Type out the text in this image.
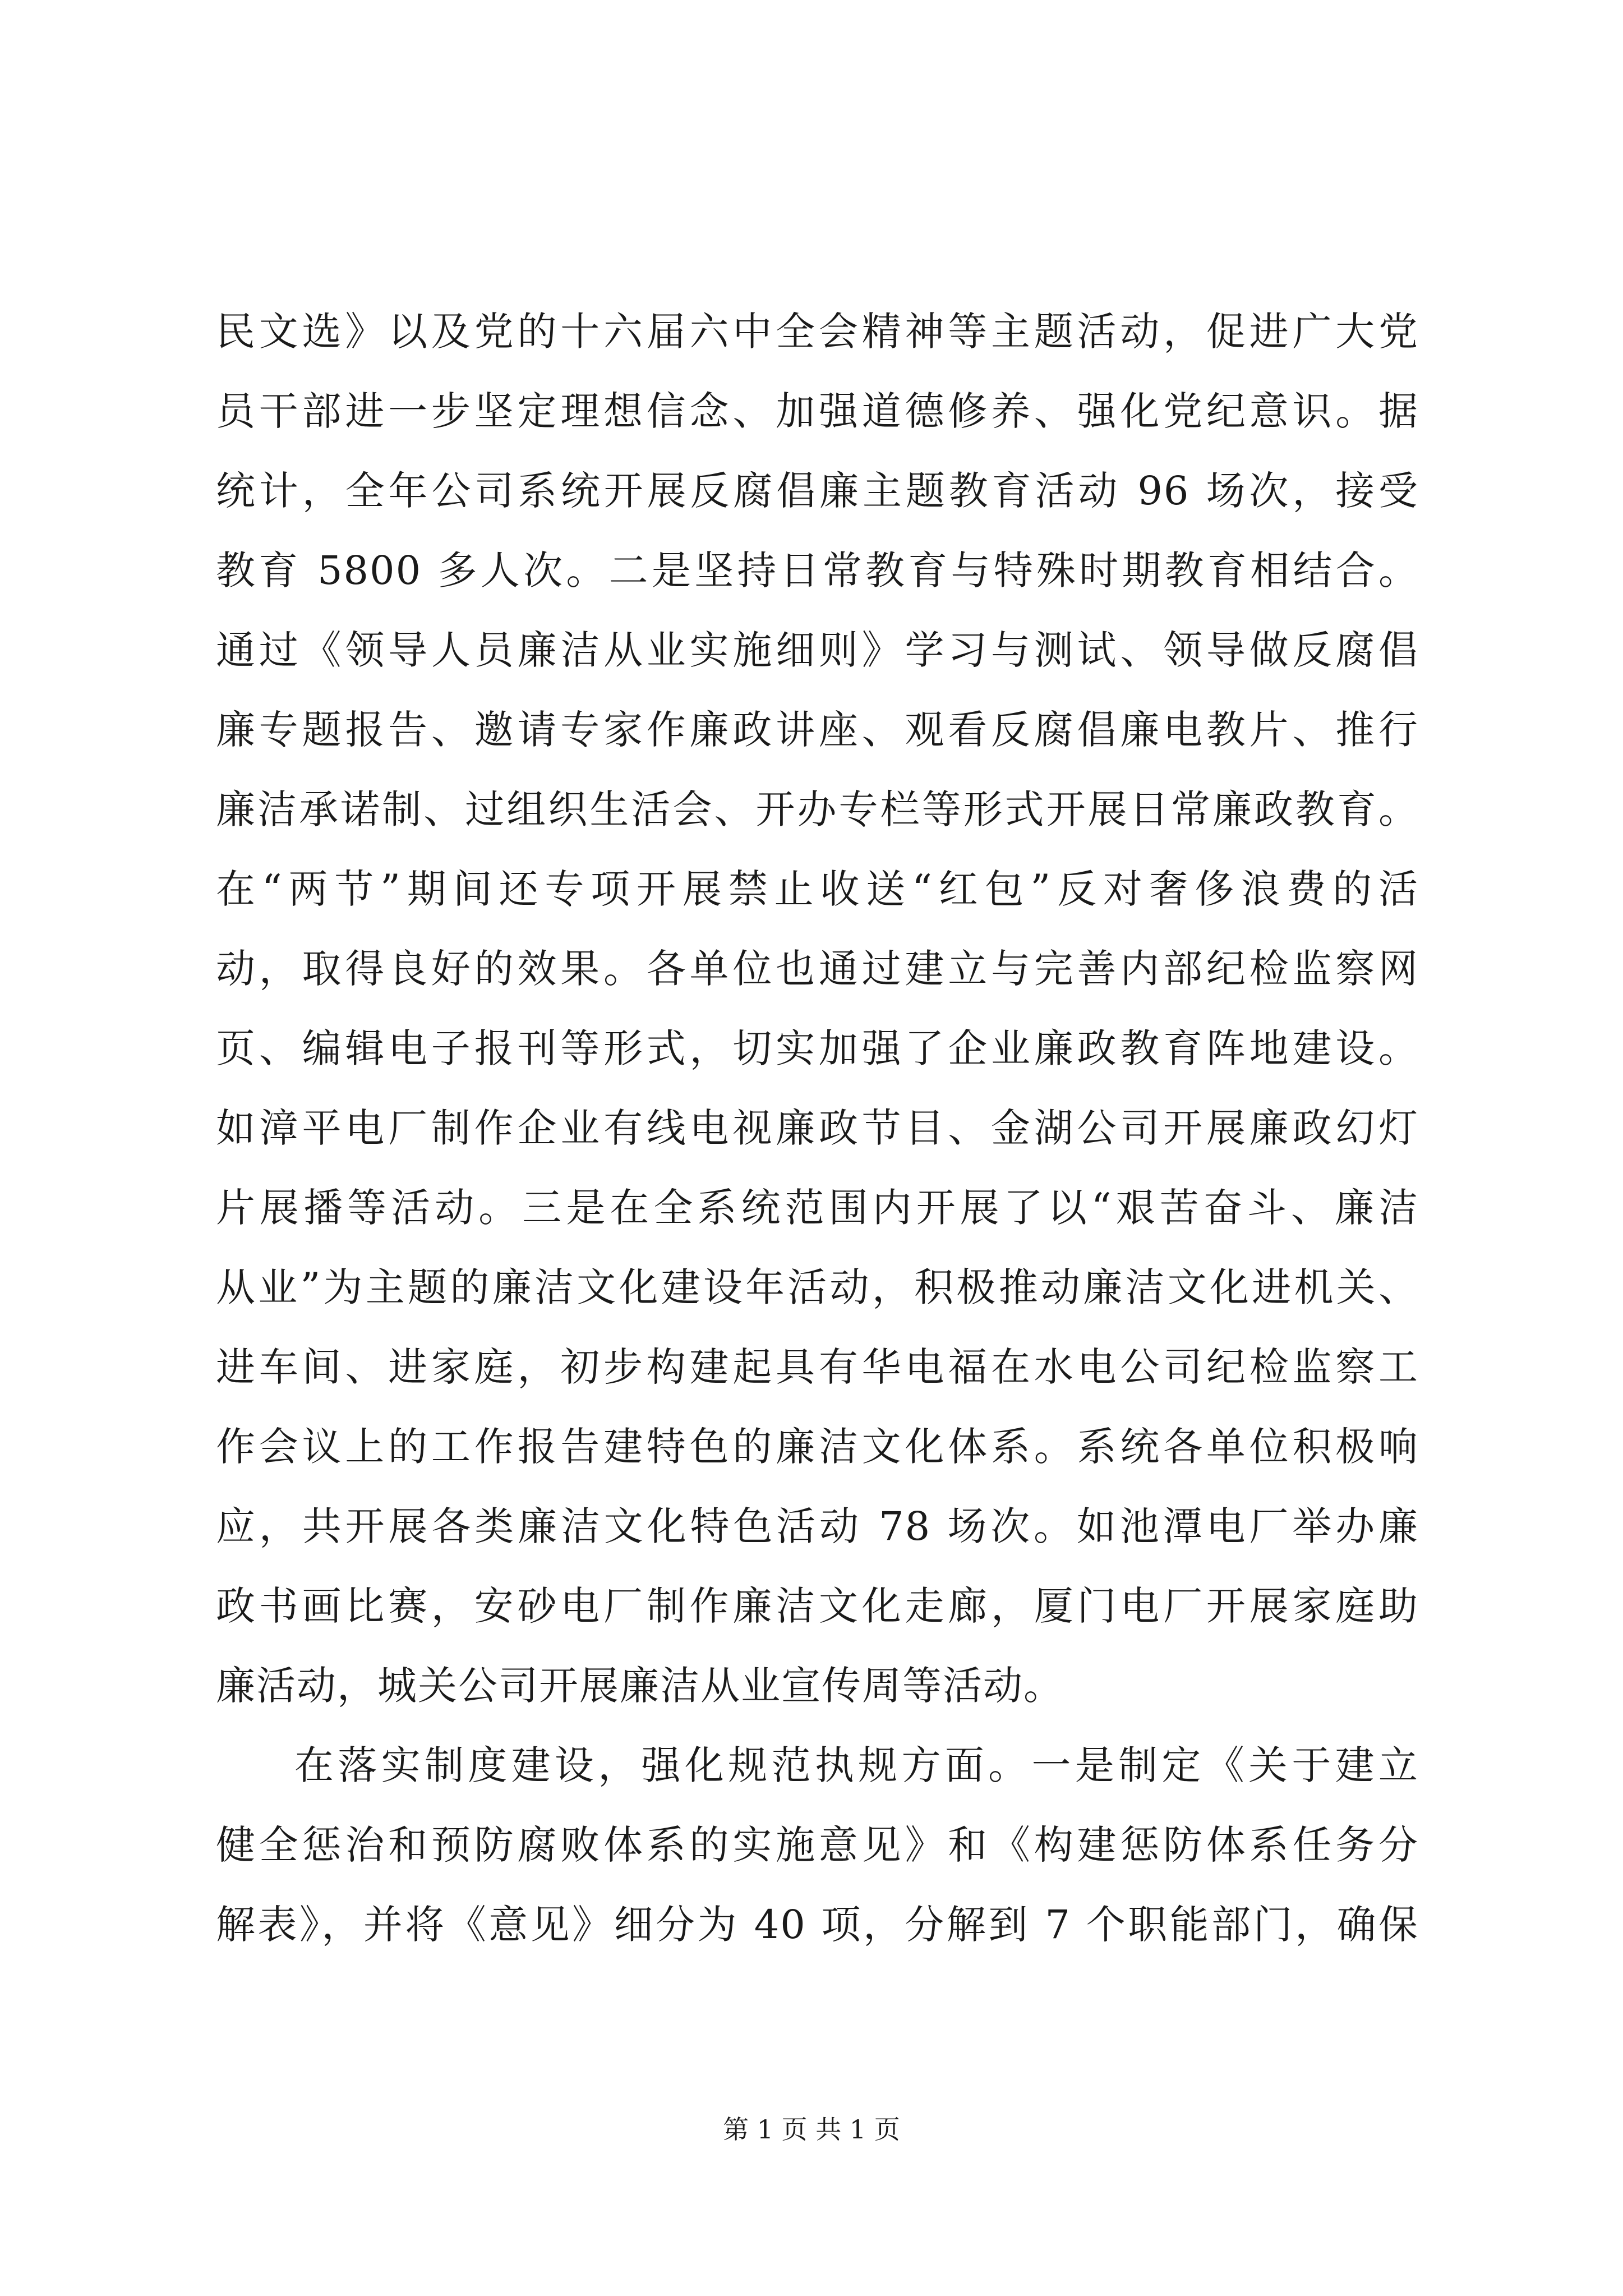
民文选》以及党的十六届六中全会精神等主题活动，促进广大党
员干部进一步坚定理想信念、加强道德修养、强化党纪意识。据
统计，全年公司系统开展反腐倡廉主题教育活动 96 场次，接受
教育 5800 多人次。二是坚持日常教育与特殊时期教育相结合。
通过《领导人员廉洁从业实施细则》学习与测试、领导做反腐倡
廉专题报告、邀请专家作廉政讲座、观看反腐倡廉电教片、推行
廉洁承诺制、过组织生活会、开办专栏等形式开展日常廉政教育。
在“两节”期间还专项开展禁止收送“红包”反对奢侈浪费的活
动，取得良好的效果。各单位也通过建立与完善内部纪检监察网
页、编辑电子报刊等形式，切实加强了企业廉政教育阵地建设。
如漳平电厂制作企业有线电视廉政节目、金湖公司开展廉政幻灯
片展播等活动。三是在全系统范围内开展了以“艰苦奋斗、廉洁
从业”为主题的廉洁文化建设年活动，积极推动廉洁文化进机关、
进车间、进家庭，初步构建起具有华电福在水电公司纪检监察工
作会议上的工作报告建特色的廉洁文化体系。系统各单位积极响
应，共开展各类廉洁文化特色活动 78 场次。如池潭电厂举办廉
政书画比赛，安砂电厂制作廉洁文化走廊，厦门电厂开展家庭助
廉活动，城关公司开展廉洁从业宣传周等活动。
在落实制度建设，强化规范执规方面。一是制定《关于建立
健全惩治和预防腐败体系的实施意见》和《构建惩防体系任务分
解表》，并将《意见》细分为 40 项，分解到 7 个职能部门，确保
第 1 页 共 1 页
